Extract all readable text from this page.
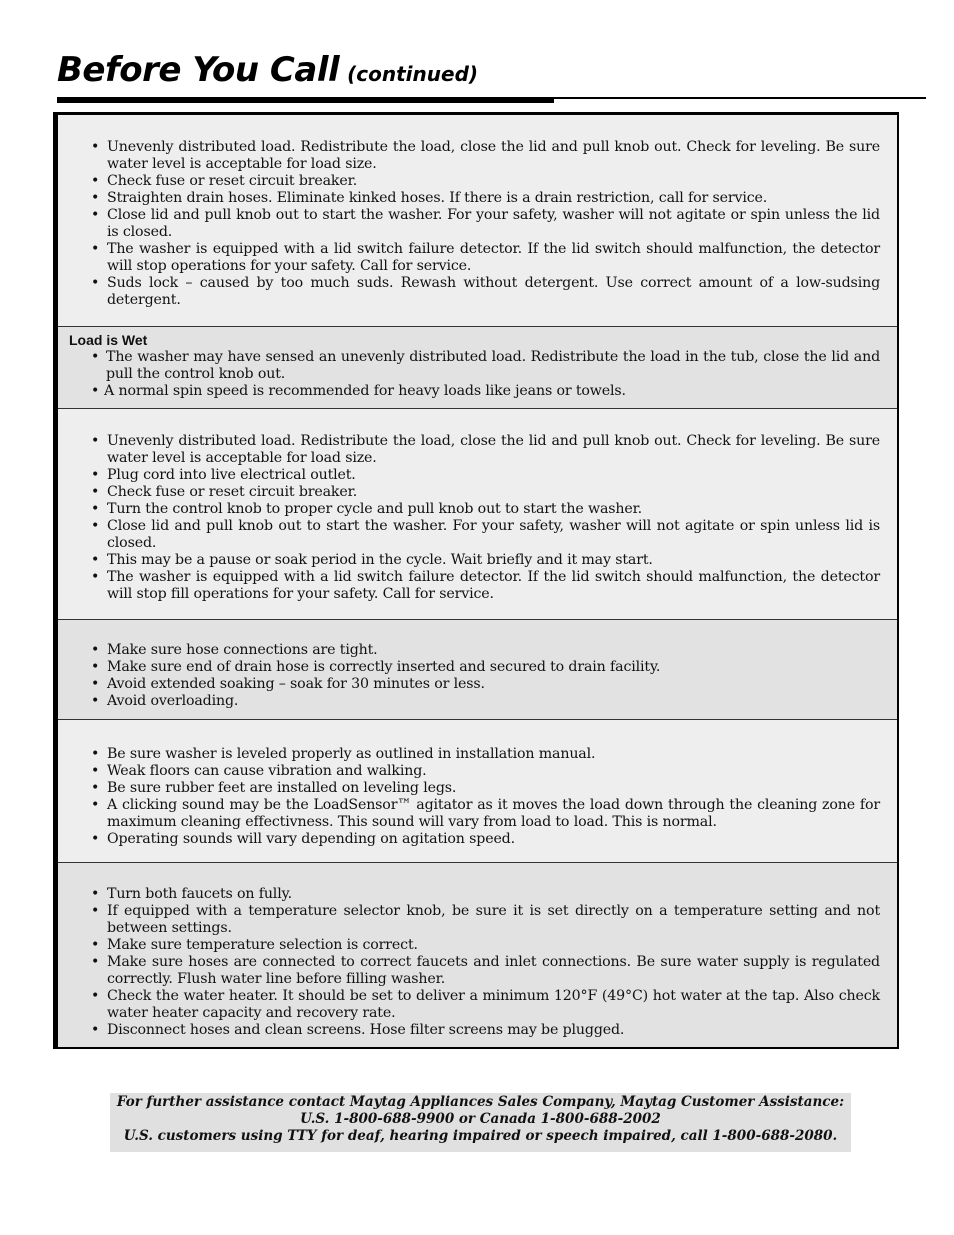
Before You Call (continued)
• Unevenly distributed load. Redistribute the load, close the lid and pull knob out. Check for leveling. Be sure water level is acceptable for load size.
• Check fuse or reset circuit breaker.
• Straighten drain hoses. Eliminate kinked hoses. If there is a drain restriction, call for service.
• Close lid and pull knob out to start the washer. For your safety, washer will not agitate or spin unless the lid is closed.
• The washer is equipped with a lid switch failure detector. If the lid switch should malfunction, the detector will stop operations for your safety. Call for service.
• Suds lock – caused by too much suds. Rewash without detergent. Use correct amount of a low-sudsing detergent.
Load is Wet
• The washer may have sensed an unevenly distributed load. Redistribute the load in the tub, close the lid and pull the control knob out.
• A normal spin speed is recommended for heavy loads like jeans or towels.
• Unevenly distributed load. Redistribute the load, close the lid and pull knob out. Check for leveling. Be sure water level is acceptable for load size.
• Plug cord into live electrical outlet.
• Check fuse or reset circuit breaker.
• Turn the control knob to proper cycle and pull knob out to start the washer.
• Close lid and pull knob out to start the washer. For your safety, washer will not agitate or spin unless lid is closed.
• This may be a pause or soak period in the cycle. Wait briefly and it may start.
• The washer is equipped with a lid switch failure detector. If the lid switch should malfunction, the detector will stop fill operations for your safety. Call for service.
• Make sure hose connections are tight.
• Make sure end of drain hose is correctly inserted and secured to drain facility.
• Avoid extended soaking – soak for 30 minutes or less.
• Avoid overloading.
• Be sure washer is leveled properly as outlined in installation manual.
• Weak floors can cause vibration and walking.
• Be sure rubber feet are installed on leveling legs.
• A clicking sound may be the LoadSensor™ agitator as it moves the load down through the cleaning zone for maximum cleaning effectivness. This sound will vary from load to load. This is normal.
• Operating sounds will vary depending on agitation speed.
• Turn both faucets on fully.
• If equipped with a temperature selector knob, be sure it is set directly on a temperature setting and not between settings.
• Make sure temperature selection is correct.
• Make sure hoses are connected to correct faucets and inlet connections. Be sure water supply is regulated correctly. Flush water line before filling washer.
• Check the water heater. It should be set to deliver a minimum 120°F (49°C) hot water at the tap. Also check water heater capacity and recovery rate.
• Disconnect hoses and clean screens. Hose filter screens may be plugged.
For further assistance contact Maytag Appliances Sales Company, Maytag Customer Assistance:
U.S. 1-800-688-9900 or Canada 1-800-688-2002
U.S. customers using TTY for deaf, hearing impaired or speech impaired, call 1-800-688-2080.
